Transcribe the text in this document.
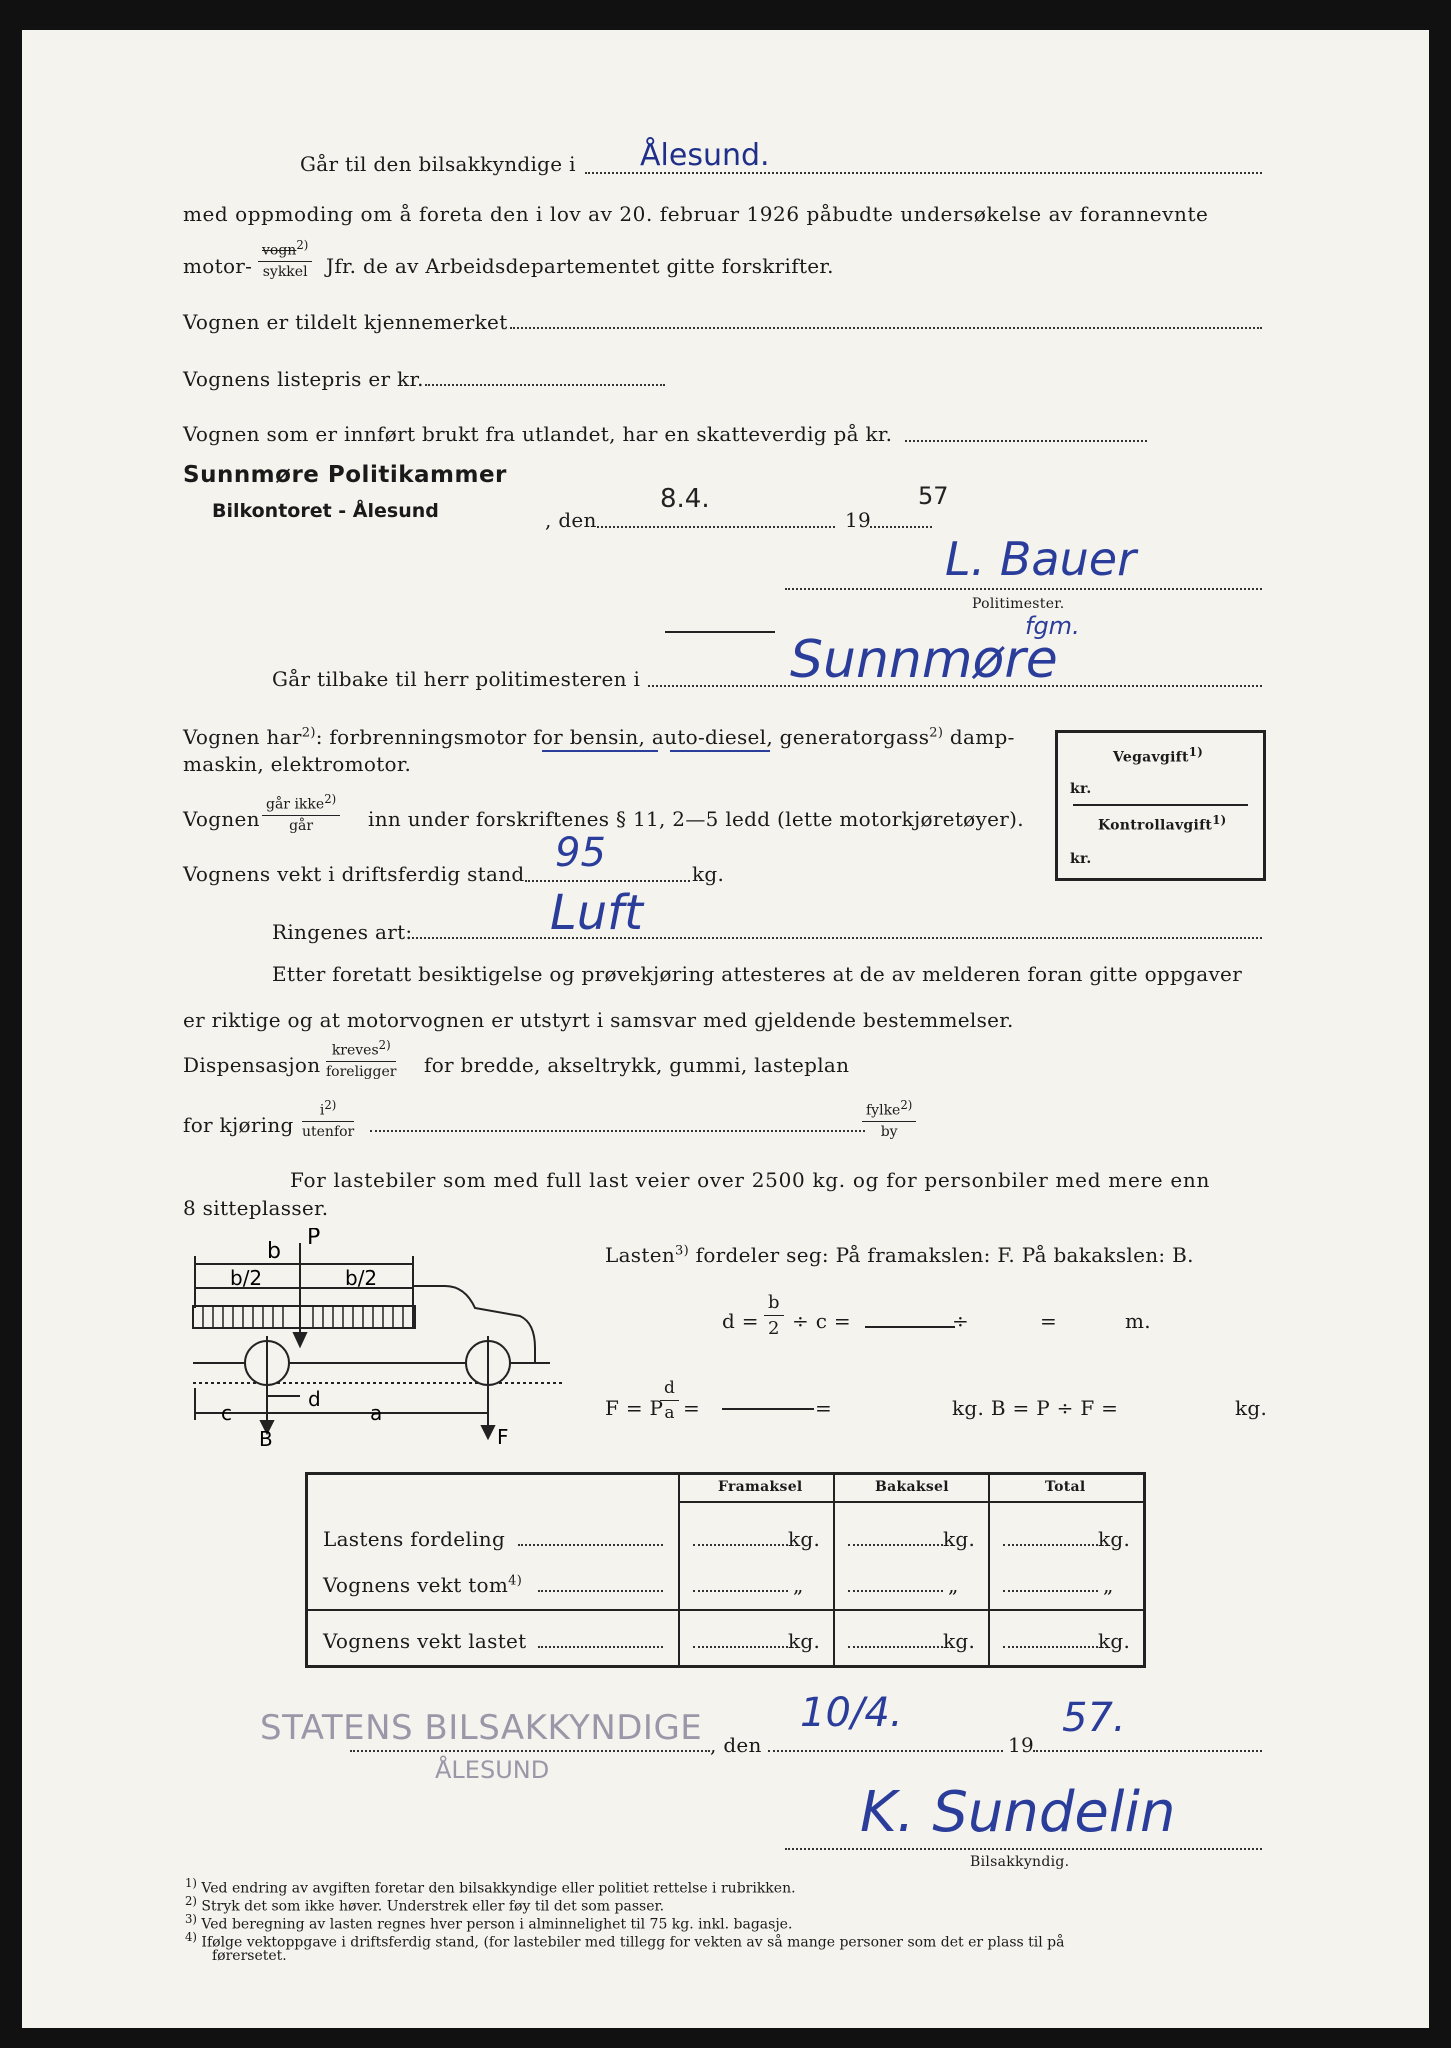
Går til den bilsakkyndige i Ålesund.
med oppmoding om å foreta den i lov av 20. februar 1926 påbudte undersøkelse av forannevnte
motor-
vogn$^{2)}$
sykkel Jfr. de av Arbeidsdepartementet gitte forskrifter.
Vognen er tildelt kjennemerket
Vognens listepris er kr.
Vognen som er innført brukt fra utlandet, har en skatteverdig på kr.
Sunnmøre Politikammer
Bilkontoret - Ålesund	, den
8.4.
19
57
L. Bauer
Politimester.
fgm.
Går tilbake til herr politimesteren i	Sunnmøre
Vognen har$^{2)}$: forbrenningsmotor for bensin, auto-diesel, generatorgass$^{2)}$ damp-
maskin, elektromotor.	Vegavgift$^{1)}$
kr.
Kontrollavgift$^{1)}$
kr.
Vognen
går ikke$^{2)}$
går	inn under forskriftenes § 11, 2—5 ledd (lette motorkjøretøyer).
Vognens vekt i driftsferdig stand 95	kg.
Ringenes art:	Luft
Etter foretatt besiktigelse og prøvekjøring attesteres at de av melderen foran gitte oppgaver
er riktige og at motorvognen er utstyrt i samsvar med gjeldende bestemmelser.
Dispensasjon
kreves$^{2)}$
foreligger for bredde, akseltrykk, gummi, lasteplan
for kjøring
$i^{2)}$
utenfor
fylke$^{2)}$
by
For lastebiler som med full last veier over 2500 kg. og for personbiler med mere enn
8 sitteplasser.
P
b
b/2	b/2
c
d
a
B	F
Lasten$^{3)}$ fordeler seg: På framakslen: F. På bakakslen: B.
$d = \frac{b}{2} \div c$ =	÷	=	m.
F = P
$\frac{d}{a}$ =	=	kg. B = P ÷ F =	kg.
Framaksel	Bakaksel	Total
Lastens fordeling	kg.	kg.	kg.
Vognens vekt tom$^{4)}$	„	„	„
Vognens vekt lastet	kg.	kg.	kg.
STATENS BILSAKKYNDIGE
ÅLESUND
, den
10/4.
19
57.
K. Sundelin
Bilsakkyndig.
$^{1)}$ Ved endring av avgiften foretar den bilsakkyndige eller politiet rettelse i rubrikken.
$^{2)}$ Stryk det som ikke høver. Understrek eller føy til det som passer.
$^{3)}$ Ved beregning av lasten regnes hver person i alminnelighet til 75 kg. inkl. bagasje.
$^{4)}$ Ifølge vektoppgave i driftsferdig stand, (for lastebiler med tillegg for vekten av så mange personer som det er plass til på
førersetet.
